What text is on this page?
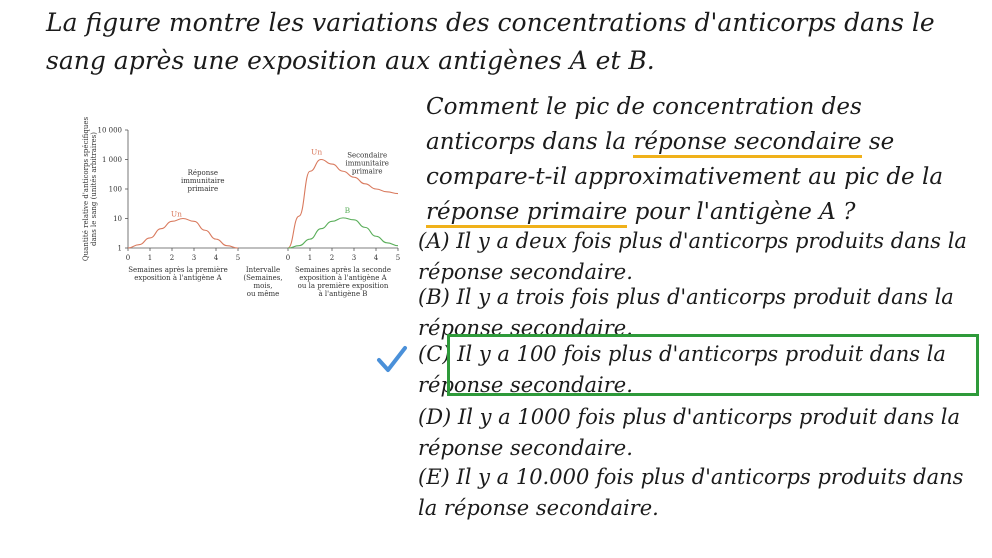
La figure montre les variations des concentrations d'anticorps dans le sang après une exposition aux antigènes A et B.

1
10
100
1 000
10 000
Quantité relative d'anticorps spécifiquesdans le sang (unités arbitraires)
0	1	2	3	4	5	0	1	2	3	4	5
Semaines après la première
exposition à l'antigène A
Intervalle
(Semaines,
mois,
ou même
Semaines après la seconde
exposition à l'antigène A
ou la première exposition
à l'antigène B
Un
Un
B
Réponse
immunitaire
primaire
Secondaire
immunitaire
primaire

Comment le pic de concentration des anticorps dans la réponse secondaire se compare-t-il approximativement au pic de la réponse primaire pour l'antigène A ?

(A) Il y a deux fois plus d'anticorps produits dans la réponse secondaire.

(B) Il y a trois fois plus d'anticorps produit dans la réponse secondaire.

(C) Il y a 100 fois plus d'anticorps produit dans la réponse secondaire.

(D) Il y a 1000 fois plus d'anticorps produit dans la réponse secondaire.

(E) Il y a 10.000 fois plus d'anticorps produits dans la réponse secondaire.
